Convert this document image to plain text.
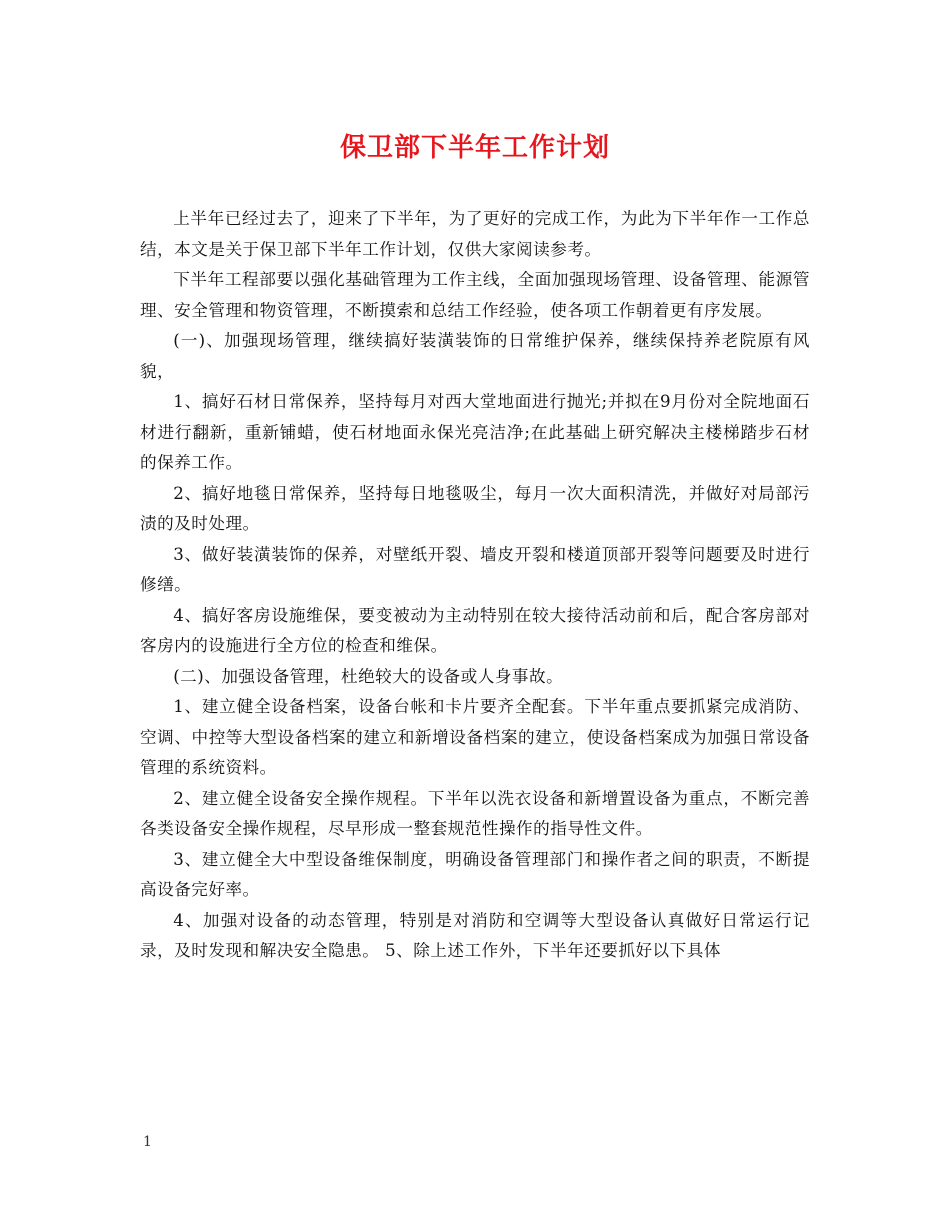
保卫部下半年工作计划

上半年已经过去了，迎来了下半年，为了更好的完成工作，为此为下半年作一工作总结，本文是关于保卫部下半年工作计划，仅供大家阅读参考。

下半年工程部要以强化基础管理为工作主线，全面加强现场管理、设备管理、能源管理、安全管理和物资管理，不断摸索和总结工作经验，使各项工作朝着更有序发展。

(一)、加强现场管理，继续搞好装潢装饰的日常维护保养，继续保持养老院原有风貌，

1、搞好石材日常保养，坚持每月对西大堂地面进行抛光;并拟在9月份对全院地面石材进行翻新，重新铺蜡，使石材地面永保光亮洁净;在此基础上研究解决主楼梯踏步石材的保养工作。

2、搞好地毯日常保养，坚持每日地毯吸尘，每月一次大面积清洗，并做好对局部污渍的及时处理。

3、做好装潢装饰的保养，对壁纸开裂、墙皮开裂和楼道顶部开裂等问题要及时进行修缮。

4、搞好客房设施维保，要变被动为主动特别在较大接待活动前和后，配合客房部对客房内的设施进行全方位的检查和维保。

(二)、加强设备管理，杜绝较大的设备或人身事故。

1、建立健全设备档案，设备台帐和卡片要齐全配套。下半年重点要抓紧完成消防、空调、中控等大型设备档案的建立和新增设备档案的建立，使设备档案成为加强日常设备管理的系统资料。

2、建立健全设备安全操作规程。下半年以洗衣设备和新增置设备为重点，不断完善各类设备安全操作规程，尽早形成一整套规范性操作的指导性文件。

3、建立健全大中型设备维保制度，明确设备管理部门和操作者之间的职责，不断提高设备完好率。

4、加强对设备的动态管理，特别是对消防和空调等大型设备认真做好日常运行记录，及时发现和解决安全隐患。 5、除上述工作外，下半年还要抓好以下具体

1
